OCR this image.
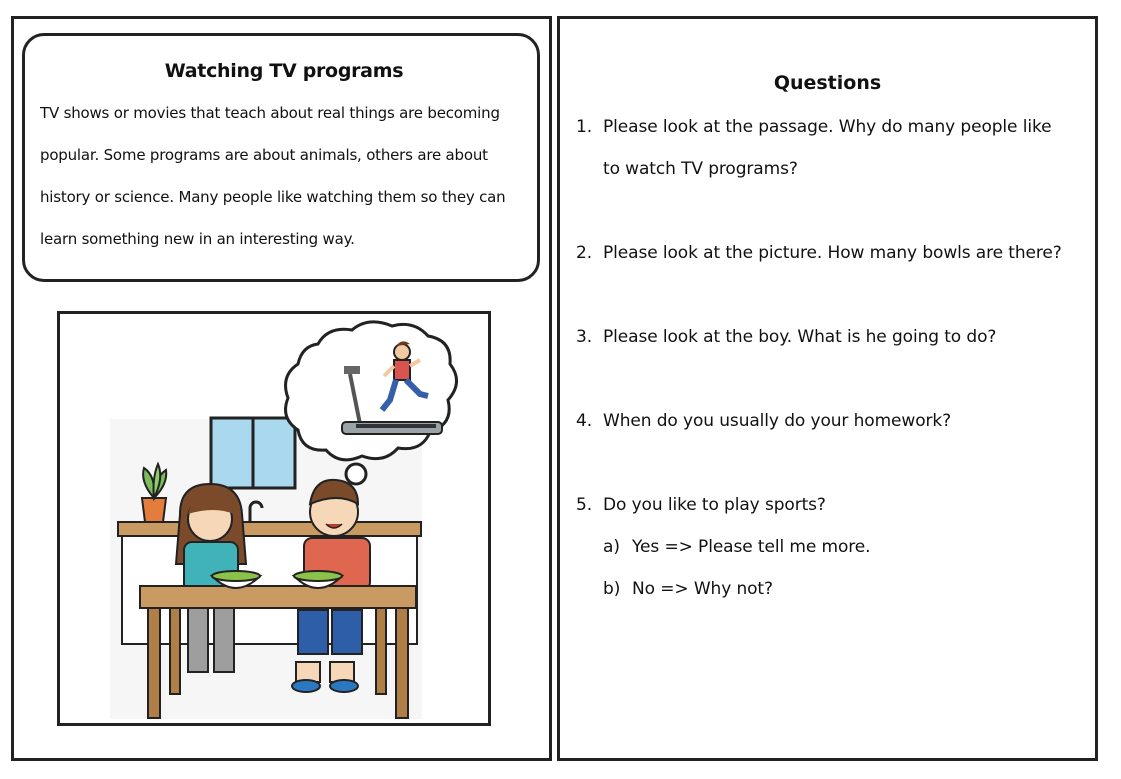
Watching TV programs
TV shows or movies that teach about real things are becoming
popular. Some programs are about animals, others are about
history or science. Many people like watching them so they can
learn something new in an interesting way.
Questions
1. Please look at the passage. Why do many people like
to watch TV programs?
2. Please look at the picture. How many bowls are there?
3. Please look at the boy. What is he going to do?
4. When do you usually do your homework?
5. Do you like to play sports?
a) Yes => Please tell me more.
b) No => Why not?
